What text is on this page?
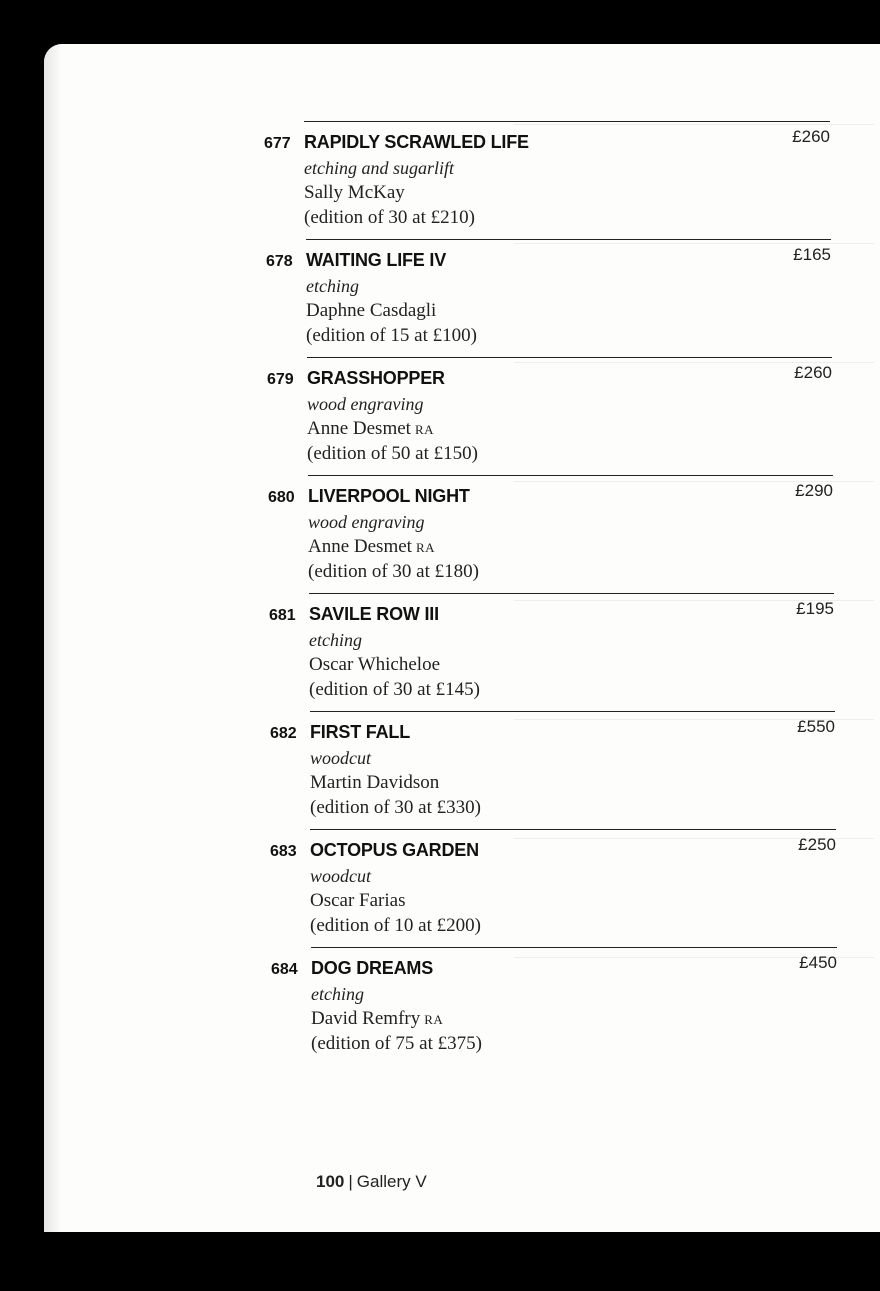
677 RAPIDLY SCRAWLED LIFE
etching and sugarlift
Sally McKay
(edition of 30 at £210)
£260
678 WAITING LIFE IV
etching
Daphne Casdagli
(edition of 15 at £100)
£165
679 GRASSHOPPER
wood engraving
Anne Desmet RA
(edition of 50 at £150)
£260
680 LIVERPOOL NIGHT
wood engraving
Anne Desmet RA
(edition of 30 at £180)
£290
681 SAVILE ROW III
etching
Oscar Whicheloe
(edition of 30 at £145)
£195
682 FIRST FALL
woodcut
Martin Davidson
(edition of 30 at £330)
£550
683 OCTOPUS GARDEN
woodcut
Oscar Farias
(edition of 10 at £200)
£250
684 DOG DREAMS
etching
David Remfry RA
(edition of 75 at £375)
£450
100 | Gallery V
